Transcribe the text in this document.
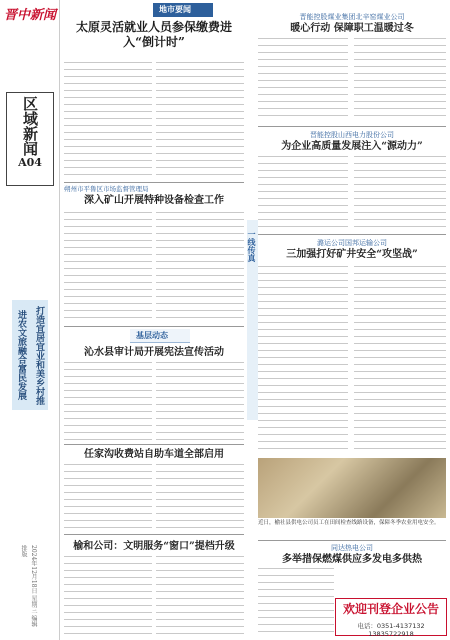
晋中新闻
区域新闻
A04
打造宜居宜业和美乡村推进农文旅融合富民发展
2024年12月18日 星期三 编辑 排版
地市要闻
太原灵活就业人员参保缴费进入“倒计时”
朔州市平鲁区市场监督管理局
深入矿山开展特种设备检查工作
基层动态
沁水县审计局开展宪法宣传活动
任家沟收费站自助车道全部启用
榆和公司：文明服务“窗口”提档升级
一线传真
晋能控股煤业集团北辛窑煤业公司
暖心行动 保障职工温暖过冬
晋能控股山西电力股份公司
为企业高质量发展注入“源动力”
潞运公司国邦运输公司
三加强打好矿井安全“攻坚战”
近日，榆社县供电公司员工在田间检查线路设备，保障冬季农业用电安全。
同达热电公司
多举措保燃煤供应多发电多供热
欢迎刊登企业公告
电话：0351-4137132 13835722918
